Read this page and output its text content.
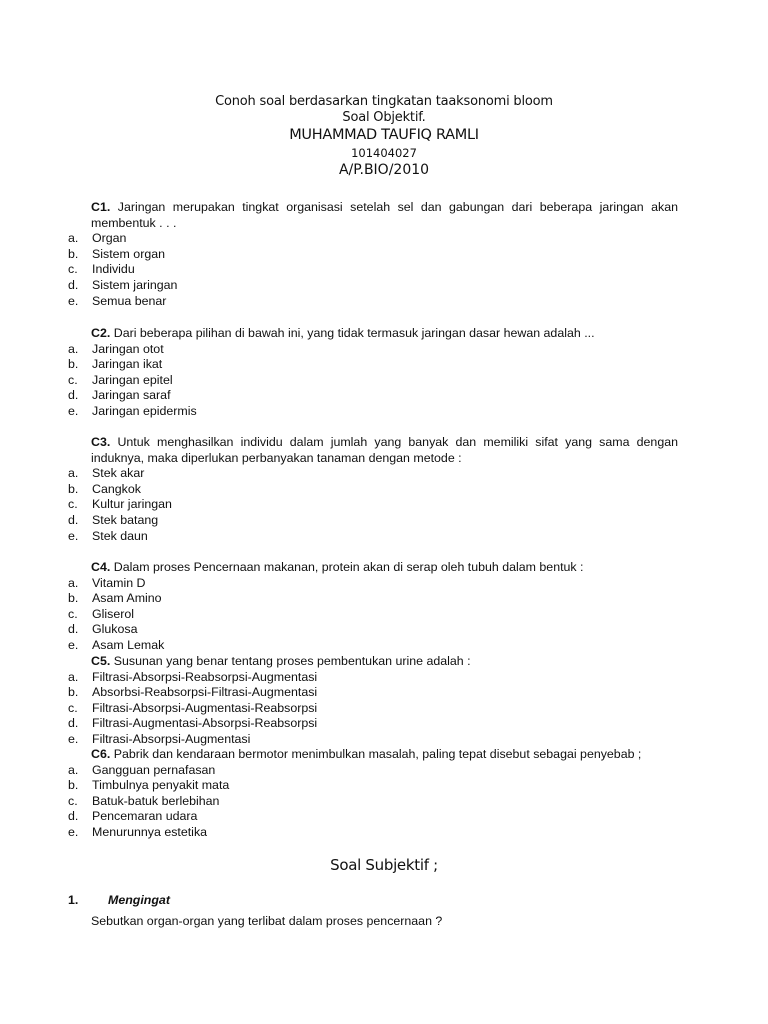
Conoh soal berdasarkan tingkatan taaksonomi bloom
Soal Objektif.
MUHAMMAD TAUFIQ RAMLI
101404027
A/P.BIO/2010
C1. Jaringan merupakan tingkat organisasi setelah sel dan gabungan dari beberapa jaringan akan membentuk . . .
a. Organ
b. Sistem organ
c. Individu
d. Sistem jaringan
e. Semua benar
C2. Dari beberapa pilihan di bawah ini, yang tidak termasuk jaringan dasar hewan adalah ...
a. Jaringan otot
b. Jaringan ikat
c. Jaringan epitel
d. Jaringan saraf
e. Jaringan epidermis
C3. Untuk menghasilkan individu dalam jumlah yang banyak dan memiliki sifat yang sama dengan induknya, maka diperlukan perbanyakan tanaman dengan metode :
a. Stek akar
b. Cangkok
c. Kultur jaringan
d. Stek batang
e. Stek daun
C4. Dalam proses Pencernaan makanan, protein akan di serap oleh tubuh dalam bentuk :
a. Vitamin D
b. Asam Amino
c. Gliserol
d. Glukosa
e. Asam Lemak
C5. Susunan yang benar tentang proses pembentukan urine adalah :
a. Filtrasi-Absorpsi-Reabsorpsi-Augmentasi
b. Absorbsi-Reabsorpsi-Filtrasi-Augmentasi
c. Filtrasi-Absorpsi-Augmentasi-Reabsorpsi
d. Filtrasi-Augmentasi-Absorpsi-Reabsorpsi
e. Filtrasi-Absorpsi-Augmentasi
C6. Pabrik dan kendaraan bermotor menimbulkan masalah, paling tepat disebut sebagai penyebab ;
a. Gangguan pernafasan
b. Timbulnya penyakit mata
c. Batuk-batuk berlebihan
d. Pencemaran udara
e. Menurunnya estetika
Soal Subjektif ;
1. Mengingat
Sebutkan organ-organ yang terlibat dalam proses pencernaan ?
